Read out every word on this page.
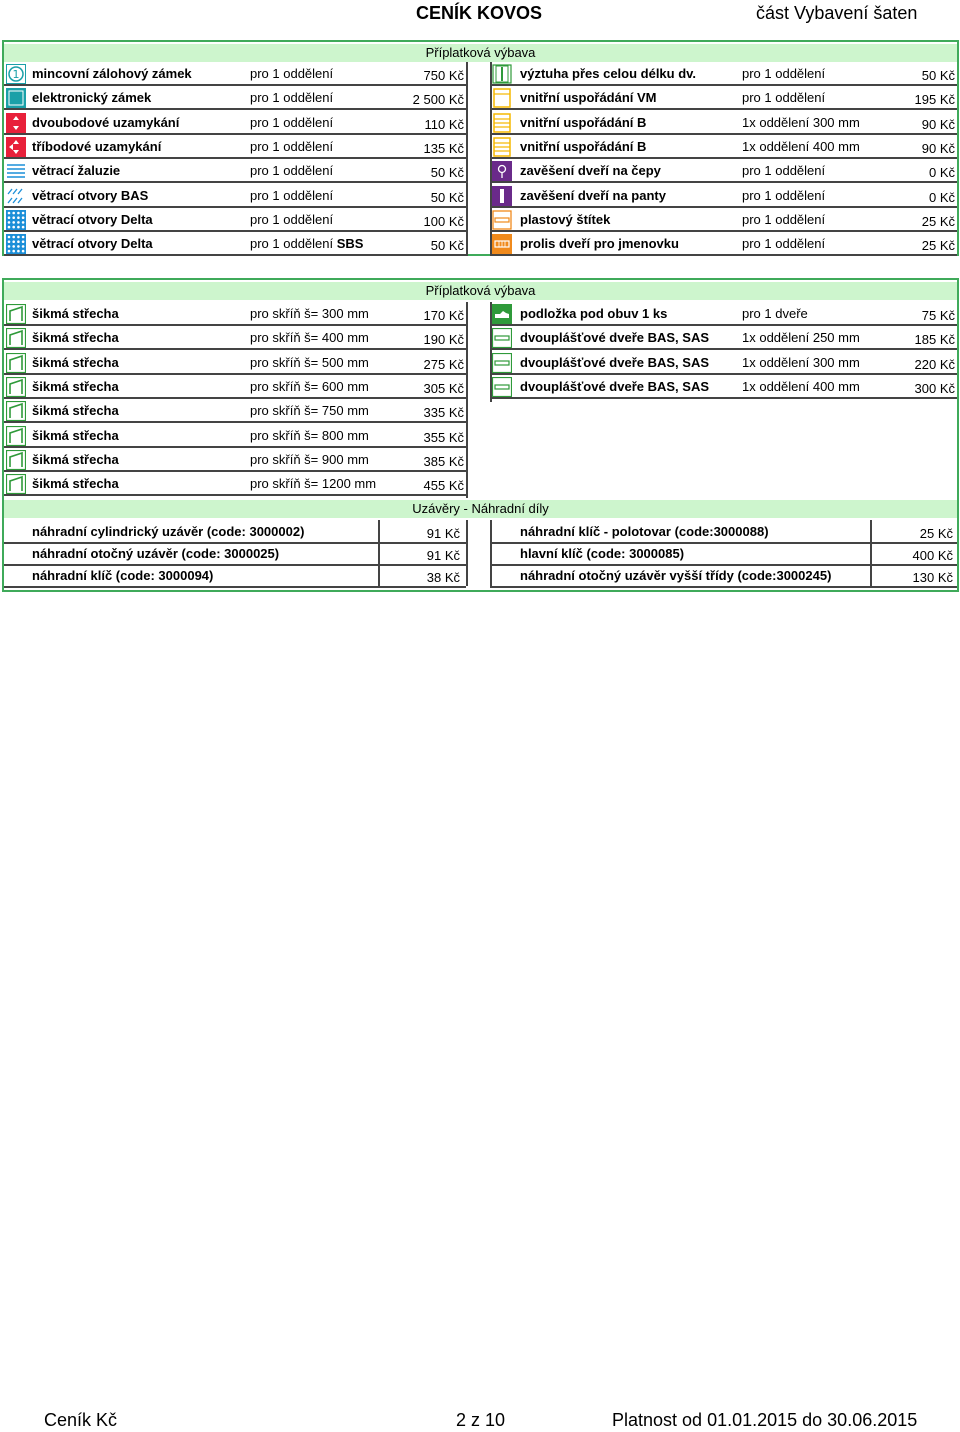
CENÍK KOVOS	část Vybavení šaten
Příplatková výbava
1 mincovní zálohový zámek	pro 1 oddělení	750 Kč
elektronický zámek	pro 1 oddělení	2 500 Kč
dvoubodové uzamykání	pro 1 oddělení	110 Kč
tříbodové uzamykání	pro 1 oddělení	135 Kč
větrací žaluzie	pro 1 oddělení	50 Kč
větrací otvory BAS	pro 1 oddělení	50 Kč
větrací otvory Delta	pro 1 oddělení	100 Kč
větrací otvory Delta	pro 1 oddělení SBS	50 Kč
výztuha přes celou délku dv.	pro 1 oddělení	50 Kč
vnitřní uspořádání VM	pro 1 oddělení	195 Kč
vnitřní uspořádání B	1x oddělení 300 mm	90 Kč
vnitřní uspořádání B	1x oddělení 400 mm	90 Kč
zavěšení dveří na čepy	pro 1 oddělení	0 Kč
zavěšení dveří na panty	pro 1 oddělení	0 Kč
plastový štítek	pro 1 oddělení	25 Kč
prolis dveří pro jmenovku	pro 1 oddělení	25 Kč
Příplatková výbava
Uzávěry - Náhradní díly
šikmá střecha	pro skříň š= 300 mm	170 Kč
šikmá střecha	pro skříň š= 400 mm	190 Kč
šikmá střecha	pro skříň š= 500 mm	275 Kč
šikmá střecha	pro skříň š= 600 mm	305 Kč
šikmá střecha	pro skříň š= 750 mm	335 Kč
šikmá střecha	pro skříň š= 800 mm	355 Kč
šikmá střecha	pro skříň š= 900 mm	385 Kč
šikmá střecha	pro skříň š= 1200 mm	455 Kč
podložka pod obuv 1 ks	pro 1 dveře	75 Kč
dvouplášťové dveře BAS, SAS	1x oddělení 250 mm	185 Kč
dvouplášťové dveře BAS, SAS	1x oddělení 300 mm	220 Kč
dvouplášťové dveře BAS, SAS	1x oddělení 400 mm	300 Kč
náhradní cylindrický uzávěr (code: 3000002)	91 Kč
náhradní otočný uzávěr (code: 3000025)	91 Kč
náhradní klíč (code: 3000094)	38 Kč
náhradní klíč - polotovar (code:3000088)	25 Kč
hlavní klíč (code: 3000085)	400 Kč
náhradní otočný uzávěr vyšší třídy (code:3000245)	130 Kč
Ceník Kč	2 z 10	Platnost od 01.01.2015 do 30.06.2015
